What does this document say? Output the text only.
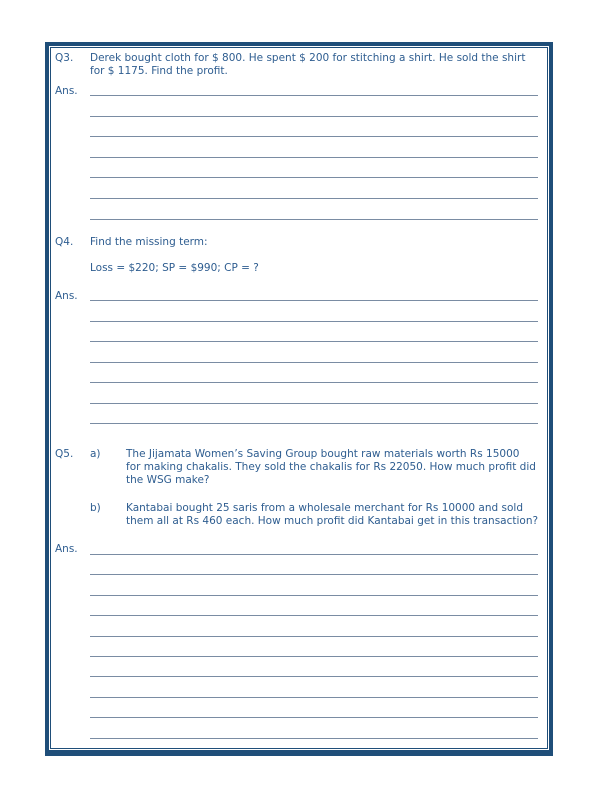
Q3. Derek bought cloth for $ 800. He spent $ 200 for stitching a shirt. He sold the shirt
for $ 1175. Find the profit.
Ans.
Q4. Find the missing term:
Loss = $220; SP = $990; CP = ?
Ans.
Q5. a) The Jijamata Women’s Saving Group bought raw materials worth Rs 15000
for making chakalis. They sold the chakalis for Rs 22050. How much profit did
the WSG make?
b) Kantabai bought 25 saris from a wholesale merchant for Rs 10000 and sold
them all at Rs 460 each. How much profit did Kantabai get in this transaction?
Ans.
